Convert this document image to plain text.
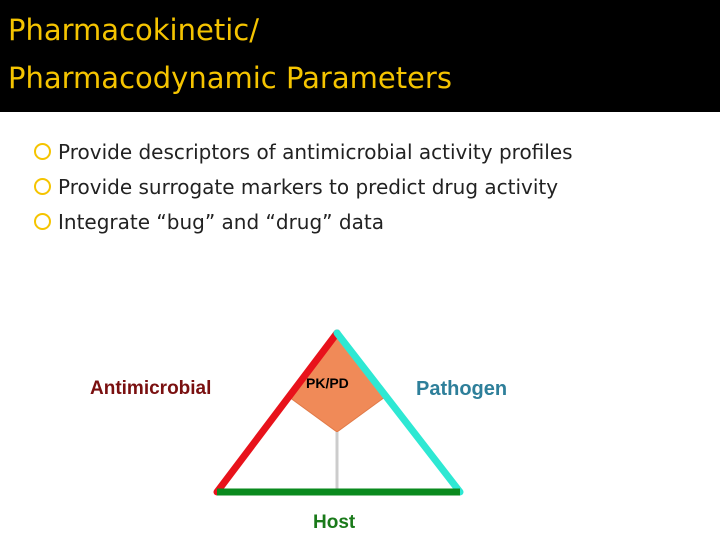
Pharmacokinetic/
Pharmacodynamic Parameters
Provide descriptors of antimicrobial activity profiles
Provide surrogate markers to predict drug activity
Integrate “bug” and “drug” data
Antimicrobial	PK/PD	Pathogen
Host
